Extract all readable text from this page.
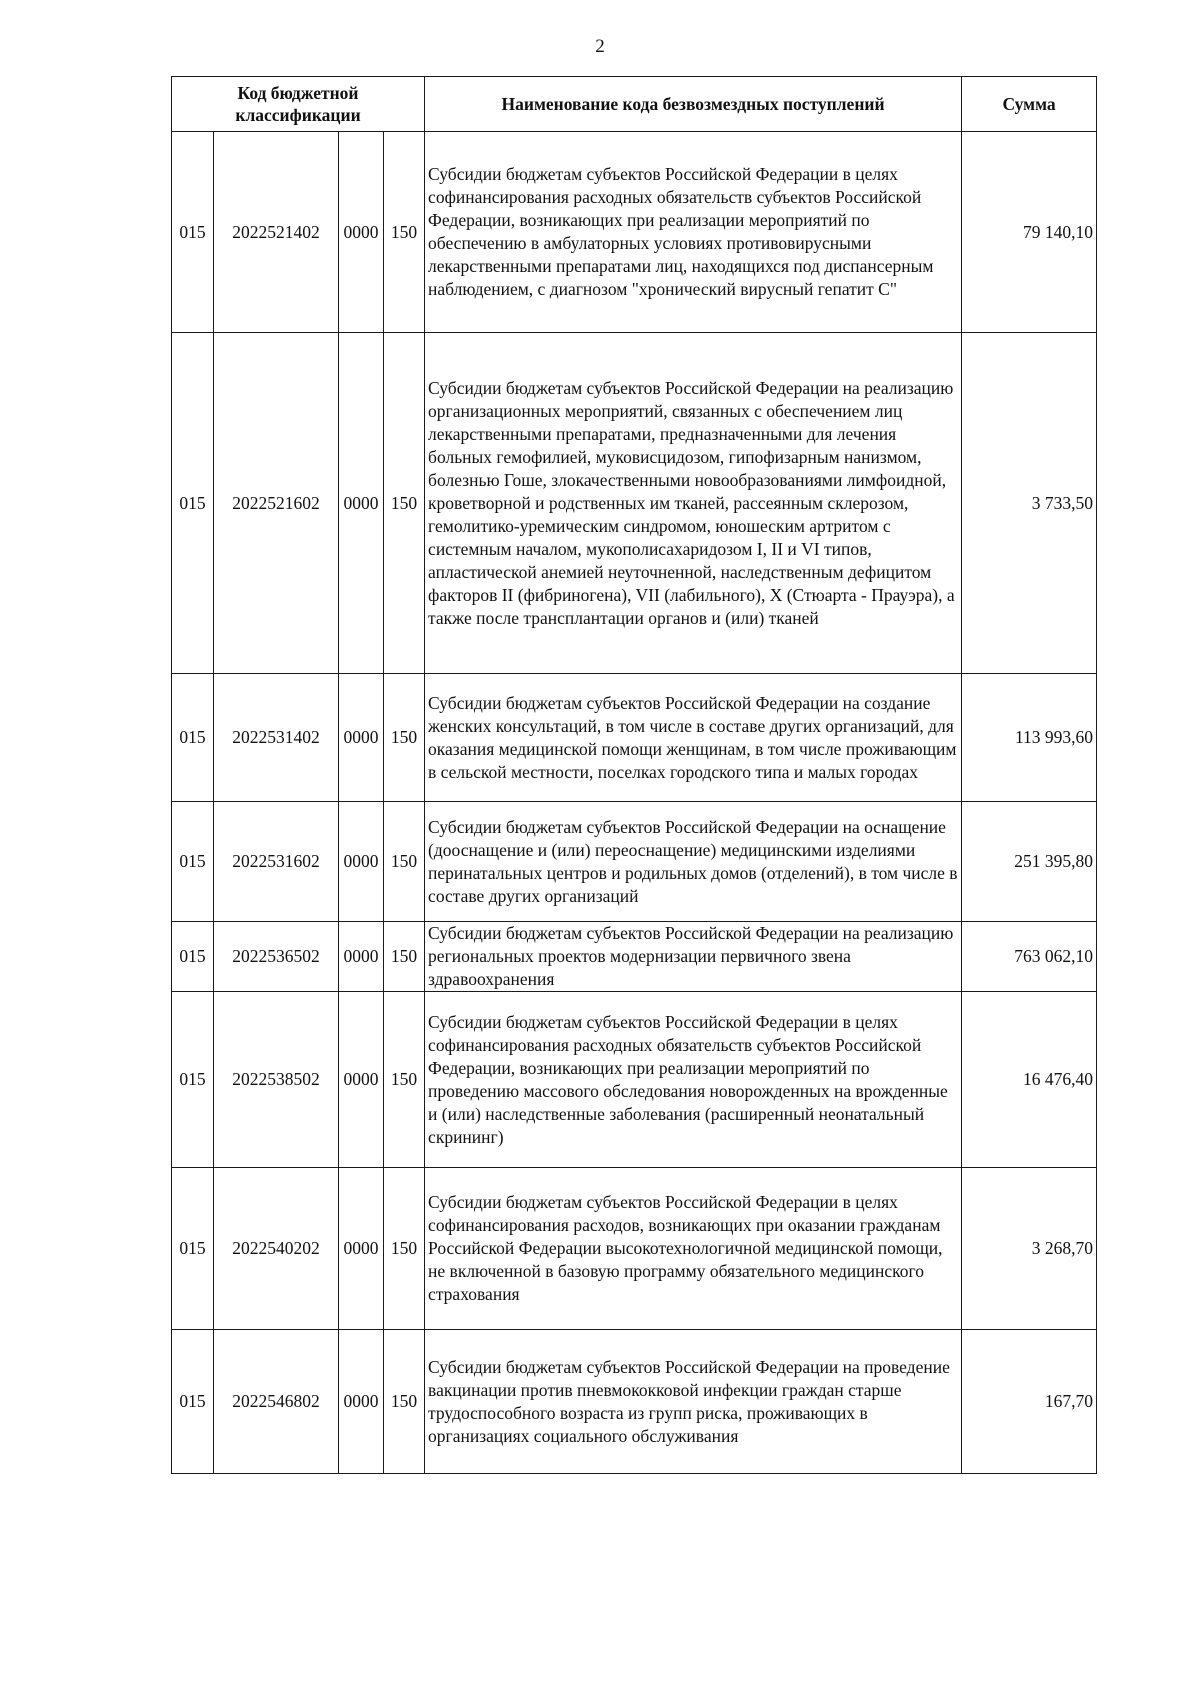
2
Код бюджетной классификации				Наименование кода безвозмездных поступлений	Сумма
015	2022521402	0000	150	Субсидии бюджетам субъектов Российской Федерации в целях софинансирования расходных обязательств субъектов Российской Федерации, возникающих при реализации мероприятий по обеспечению в амбулаторных условиях противовирусными лекарственными препаратами лиц, находящихся под диспансерным наблюдением, с диагнозом "хронический вирусный гепатит С"	79 140,10
015	2022521602	0000	150	Субсидии бюджетам субъектов Российской Федерации на реализацию организационных мероприятий, связанных с обеспечением лиц лекарственными препаратами, предназначенными для лечения больных гемофилией, муковисцидозом, гипофизарным нанизмом, болезнью Гоше, злокачественными новообразованиями лимфоидной, кроветворной и родственных им тканей, рассеянным склерозом, гемолитико-уремическим синдромом, юношеским артритом с системным началом, мукополисахаридозом I, II и VI типов, апластической анемией неуточненной, наследственным дефицитом факторов II (фибриногена), VII (лабильного), X (Стюарта - Прауэра), а также после трансплантации органов и (или) тканей	3 733,50
015	2022531402	0000	150	Субсидии бюджетам субъектов Российской Федерации на создание женских консультаций, в том числе в составе других организаций, для оказания медицинской помощи женщинам, в том числе проживающим в сельской местности, поселках городского типа и малых городах	113 993,60
015	2022531602	0000	150	Субсидии бюджетам субъектов Российской Федерации на оснащение (дооснащение и (или) переоснащение) медицинскими изделиями перинатальных центров и родильных домов (отделений), в том числе в составе других организаций	251 395,80
015	2022536502	0000	150	Субсидии бюджетам субъектов Российской Федерации на реализацию региональных проектов модернизации первичного звена здравоохранения	763 062,10
015	2022538502	0000	150	Субсидии бюджетам субъектов Российской Федерации в целях софинансирования расходных обязательств субъектов Российской Федерации, возникающих при реализации мероприятий по проведению массового обследования новорожденных на врожденные и (или) наследственные заболевания (расширенный неонатальный скрининг)	16 476,40
015	2022540202	0000	150	Субсидии бюджетам субъектов Российской Федерации в целях софинансирования расходов, возникающих при оказании гражданам Российской Федерации высокотехнологичной медицинской помощи, не включенной в базовую программу обязательного медицинского страхования	3 268,70
015	2022546802	0000	150	Субсидии бюджетам субъектов Российской Федерации на проведение вакцинации против пневмококковой инфекции граждан старше трудоспособного возраста из групп риска, проживающих в организациях социального обслуживания	167,70
